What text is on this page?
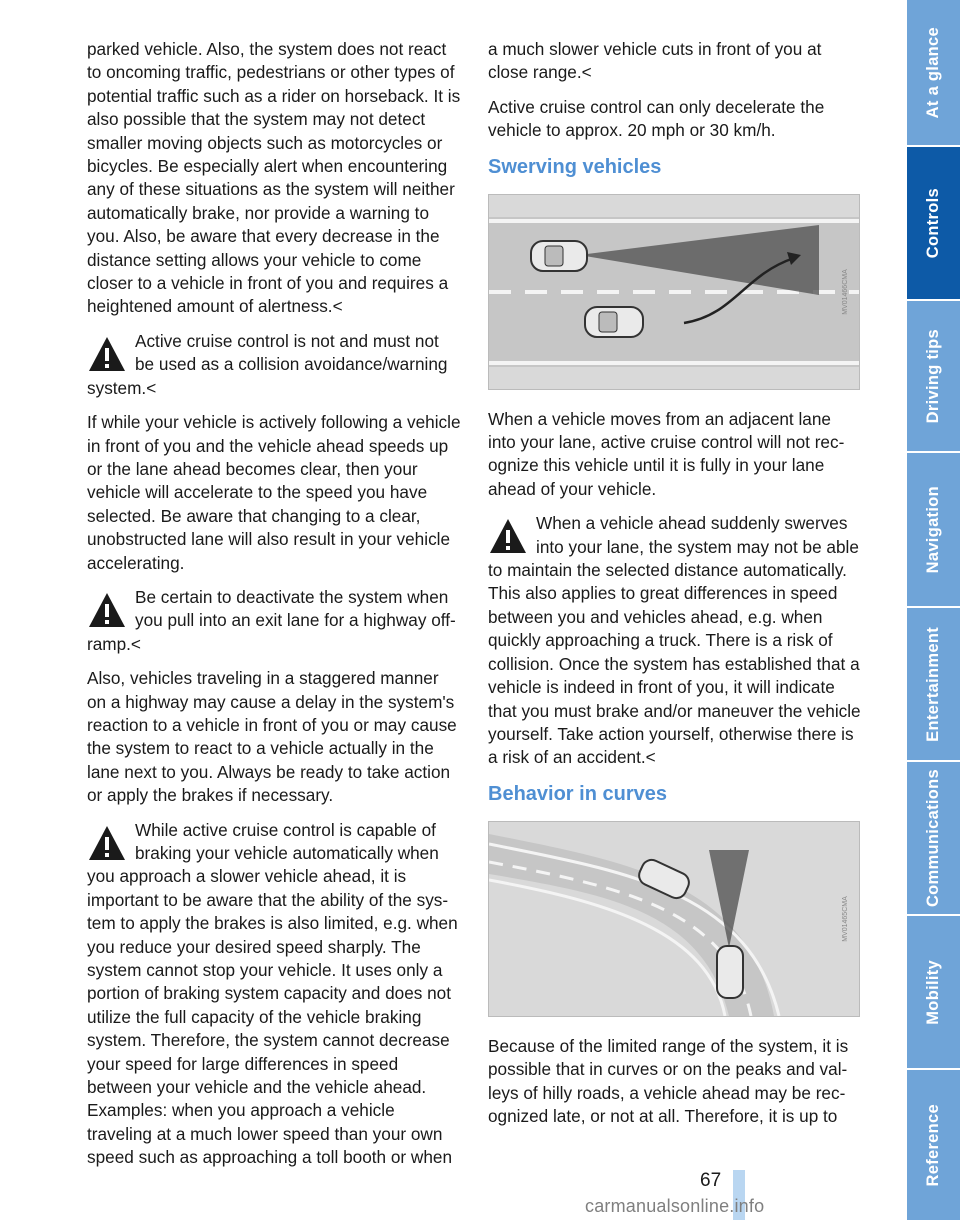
parked vehicle. Also, the system does not react to oncoming traffic, pedestrians or other types of potential traffic such as a rider on horseback. It is also possible that the system may not detect smaller moving objects such as motorcycles or bicycles. Be especially alert when encountering any of these situations as the system will neither automatically brake, nor provide a warning to you. Also, be aware that every decrease in the distance setting allows your vehicle to come closer to a vehicle in front of you and requires a heightened amount of alertness.<

Active cruise control is not and must not be used as a collision avoidance/warning system.<

If while your vehicle is actively following a vehicle in front of you and the vehicle ahead speeds up or the lane ahead becomes clear, then your vehicle will accelerate to the speed you have selected. Be aware that changing to a clear, unobstructed lane will also result in your vehicle accelerating.

Be certain to deactivate the system when you pull into an exit lane for a highway off-ramp.<

Also, vehicles traveling in a staggered manner on a highway may cause a delay in the system's reaction to a vehicle in front of you or may cause the system to react to a vehicle actually in the lane next to you. Always be ready to take action or apply the brakes if necessary.

While active cruise control is capable of braking your vehicle automatically when you approach a slower vehicle ahead, it is important to be aware that the ability of the system to apply the brakes is also limited, e.g. when you reduce your desired speed sharply. The system cannot stop your vehicle. It uses only a portion of braking system capacity and does not utilize the full capacity of the vehicle braking system. Therefore, the system cannot decrease your speed for large differences in speed between your vehicle and the vehicle ahead. Examples: when you approach a vehicle traveling at a much lower speed than your own speed such as approaching a toll booth or when

a much slower vehicle cuts in front of you at close range.<

Active cruise control can only decelerate the vehicle to approx. 20 mph or 30 km/h.

Swerving vehicles
MV01466CMA

When a vehicle moves from an adjacent lane into your lane, active cruise control will not recognize this vehicle until it is fully in your lane ahead of your vehicle.

When a vehicle ahead suddenly swerves into your lane, the system may not be able to maintain the selected distance automatically. This also applies to great differences in speed between you and vehicles ahead, e.g. when quickly approaching a truck. There is a risk of collision. Once the system has established that a vehicle is indeed in front of you, it will indicate that you must brake and/or maneuver the vehicle yourself. Take action yourself, otherwise there is a risk of an accident.<
Behavior in curves
MV01465CMA

Because of the limited range of the system, it is possible that in curves or on the peaks and valleys of hilly roads, a vehicle ahead may be recognized late, or not at all. Therefore, it is up to

At a glance
Controls
Driving tips
Navigation
Entertainment
Communications
Mobility
Reference
67
carmanualsonline.info
